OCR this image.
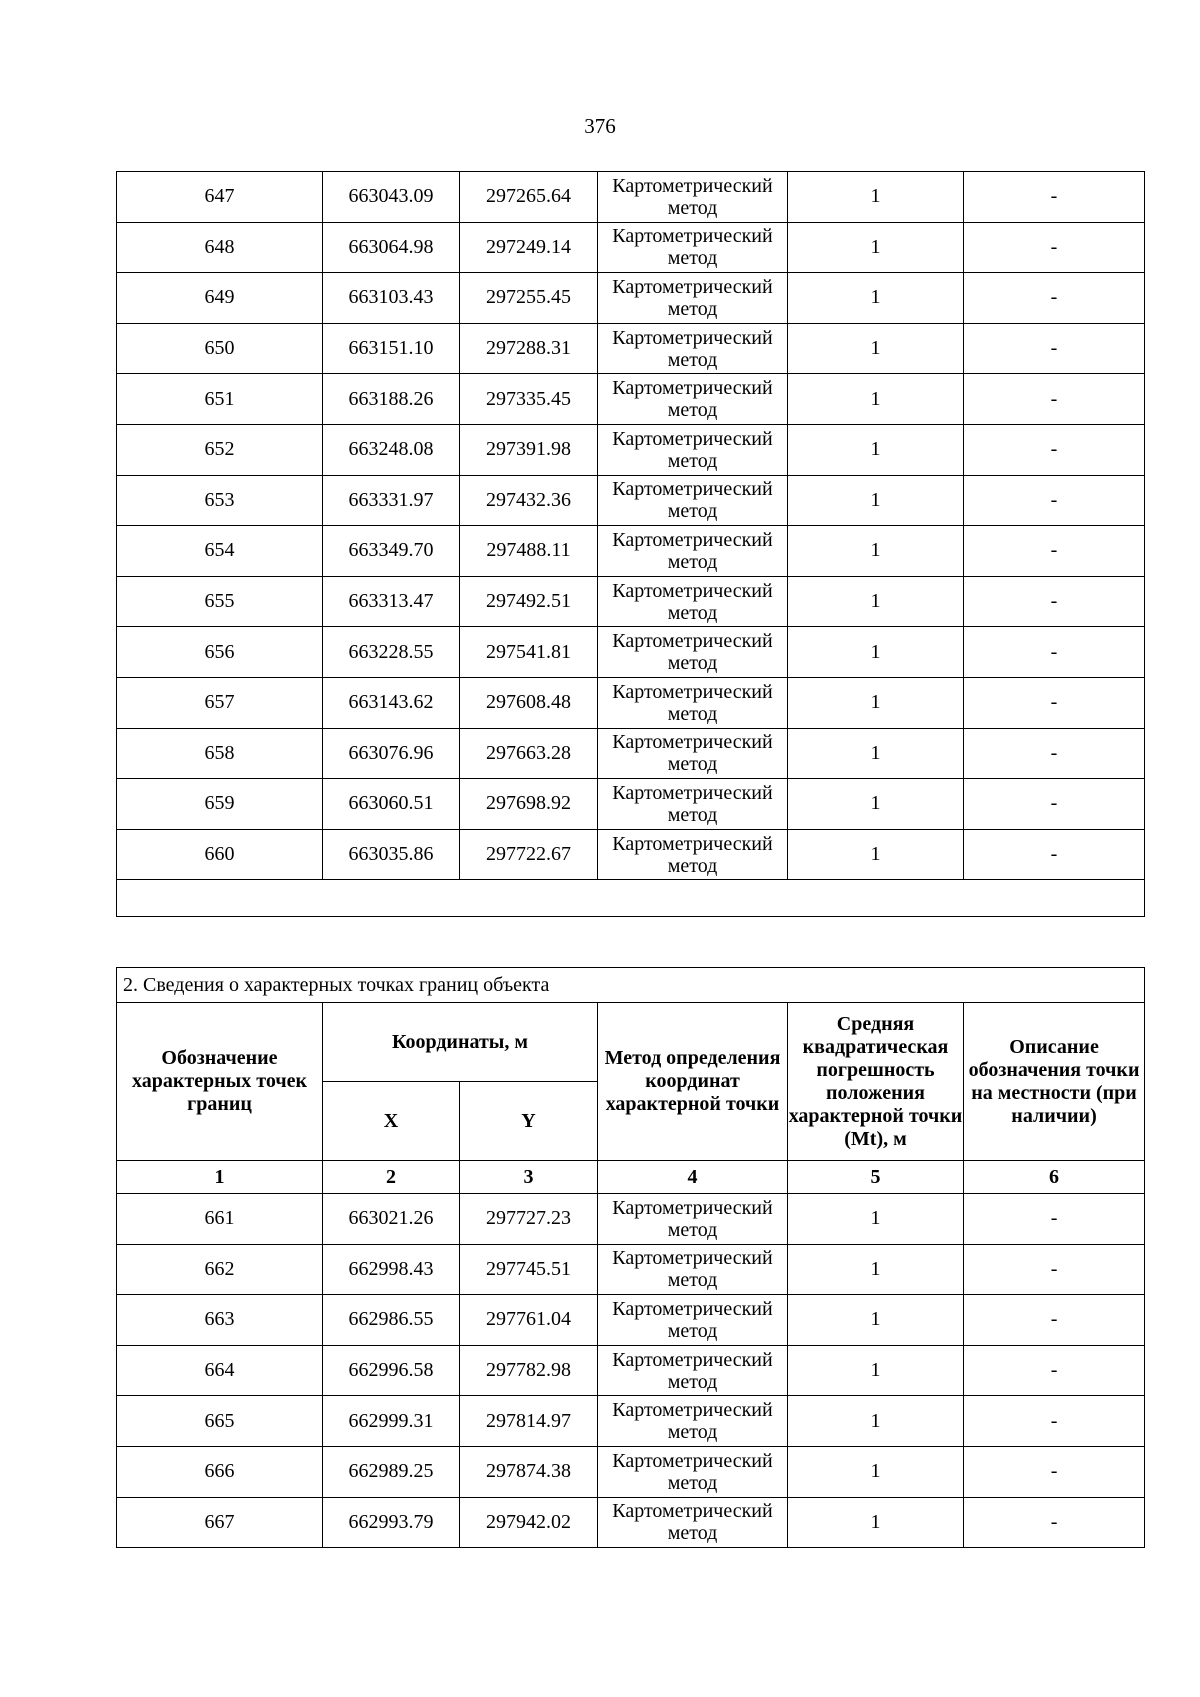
376
647	663043.09	297265.64	Картометрический метод	1	-
648	663064.98	297249.14	Картометрический метод	1	-
649	663103.43	297255.45	Картометрический метод	1	-
650	663151.10	297288.31	Картометрический метод	1	-
651	663188.26	297335.45	Картометрический метод	1	-
652	663248.08	297391.98	Картометрический метод	1	-
653	663331.97	297432.36	Картометрический метод	1	-
654	663349.70	297488.11	Картометрический метод	1	-
655	663313.47	297492.51	Картометрический метод	1	-
656	663228.55	297541.81	Картометрический метод	1	-
657	663143.62	297608.48	Картометрический метод	1	-
658	663076.96	297663.28	Картометрический метод	1	-
659	663060.51	297698.92	Картометрический метод	1	-
660	663035.86	297722.67	Картометрический метод	1	-

2. Сведения о характерных точках границ объекта					
Обозначение характерных точек границ	Координаты, м		Метод определения координат характерной точки	Средняя квадратическая погрешность положения характерной точки (Mt), м	Описание обозначения точки на местности (при наличии)
	X	Y			
1	2	3	4	5	6
661	663021.26	297727.23	Картометрический метод	1	-
662	662998.43	297745.51	Картометрический метод	1	-
663	662986.55	297761.04	Картометрический метод	1	-
664	662996.58	297782.98	Картометрический метод	1	-
665	662999.31	297814.97	Картометрический метод	1	-
666	662989.25	297874.38	Картометрический метод	1	-
667	662993.79	297942.02	Картометрический метод	1	-
